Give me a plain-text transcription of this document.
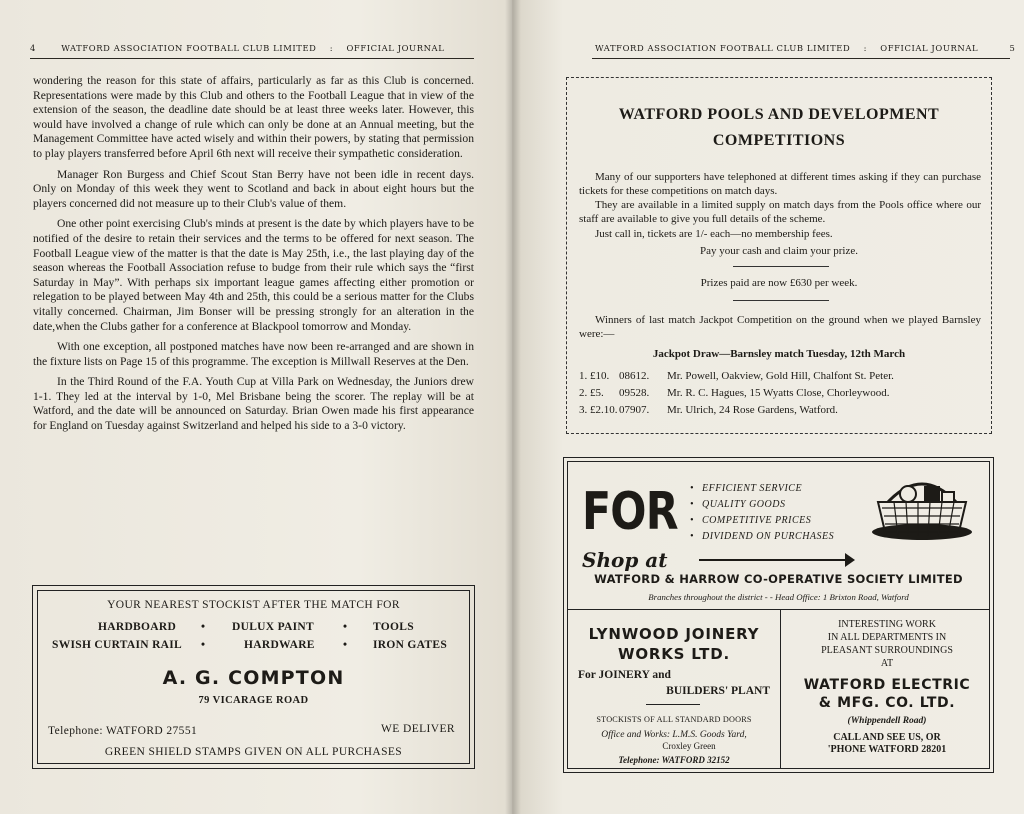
4	WATFORD ASSOCIATION FOOTBALL CLUB LIMITED : OFFICIAL JOURNAL

wondering the reason for this state of affairs, particularly as far as this Club is concerned. Representations were made by this Club and others to the Football League that in view of the extension of the season, the deadline date should be at least three weeks later. However, this would have involved a change of rule which can only be done at an Annual meeting, but the Management Committee have acted wisely and within their powers, by stating that permission to play players transferred before April 6th next will receive their sympathetic consideration.

Manager Ron Burgess and Chief Scout Stan Berry have not been idle in recent days. Only on Monday of this week they went to Scotland and back in about eight hours but the players concerned did not measure up to their Club's value of them.

One other point exercising Club's minds at present is the date by which players have to be notified of the desire to retain their services and the terms to be offered for next season. The Football League view of the matter is that the date is May 25th, i.e., the last playing day of the season whereas the Football Association refuse to budge from their rule which says the “first Saturday in May”. With perhaps six important league games affecting either promotion or relegation to be played between May 4th and 25th, this could be a serious matter for the Clubs vitally concerned. Chairman, Jim Bonser will be pressing strongly for an alteration in the date,when the Clubs gather for a conference at Blackpool tomorrow and Monday.

With one exception, all postponed matches have now been re-arranged and are shown in the fixture lists on Page 15 of this programme. The exception is Millwall Reserves at the Den.

In the Third Round of the F.A. Youth Cup at Villa Park on Wednesday, the Juniors drew 1-1. They led at the interval by 1-0, Mel Brisbane being the scorer. The replay will be at Watford, and the date will be announced on Saturday. Brian Owen made his first appearance for England on Tuesday against Switzerland and helped his side to a 3-0 victory.

YOUR NEAREST STOCKIST AFTER THE MATCH FOR
HARDBOARD • DULUX PAINT	• TOOLS
SWISH CURTAIN RAIL •	HARDWARE • IRON GATES
A. G. COMPTON
79 VICARAGE ROAD
Telephone: WATFORD 27551	WE DELIVER
GREEN SHIELD STAMPS GIVEN ON ALL PURCHASES
WATFORD ASSOCIATION FOOTBALL CLUB LIMITED : OFFICIAL JOURNAL	5
WATFORD POOLS AND DEVELOPMENT
COMPETITIONS

Many of our supporters have telephoned at different times asking if they can purchase tickets for these competitions on match days.

They are available in a limited supply on match days from the Pools office where our staff are available to give you full details of the scheme.

Just call in, tickets are 1/- each—no membership fees.

Pay your cash and claim your prize.

Prizes paid are now £630 per week.

Winners of last match Jackpot Competition on the ground when we played Barnsley were:—

Jackpot Draw—Barnsley match Tuesday, 12th March

1. £10. 08612. Mr. Powell, Oakview, Gold Hill, Chalfont St. Peter.
2. £5. 09528. Mr. R. C. Hagues, 15 Wyatts Close, Chorleywood.
3. £2.10. 07907. Mr. Ulrich, 24 Rose Gardens, Watford.
FOR • EFFICIENT SERVICE
• QUALITY GOODS
• COMPETITIVE PRICES
• DIVIDEND ON PURCHASES
Shop at
WATFORD & HARROW CO-OPERATIVE SOCIETY LIMITED
Branches throughout the district - - Head Office: 1 Brixton Road, Watford
LYNWOOD JOINERY
WORKS LTD.
For JOINERY and
BUILDERS' PLANT
STOCKISTS OF ALL STANDARD DOORS
Office and Works: L.M.S. Goods Yard,
Croxley Green
Telephone: WATFORD 32152
INTERESTING WORK
IN ALL DEPARTMENTS IN
PLEASANT SURROUNDINGS
AT
WATFORD ELECTRIC
& MFG. CO. LTD.
(Whippendell Road)
CALL AND SEE US, OR
'PHONE WATFORD 28201
